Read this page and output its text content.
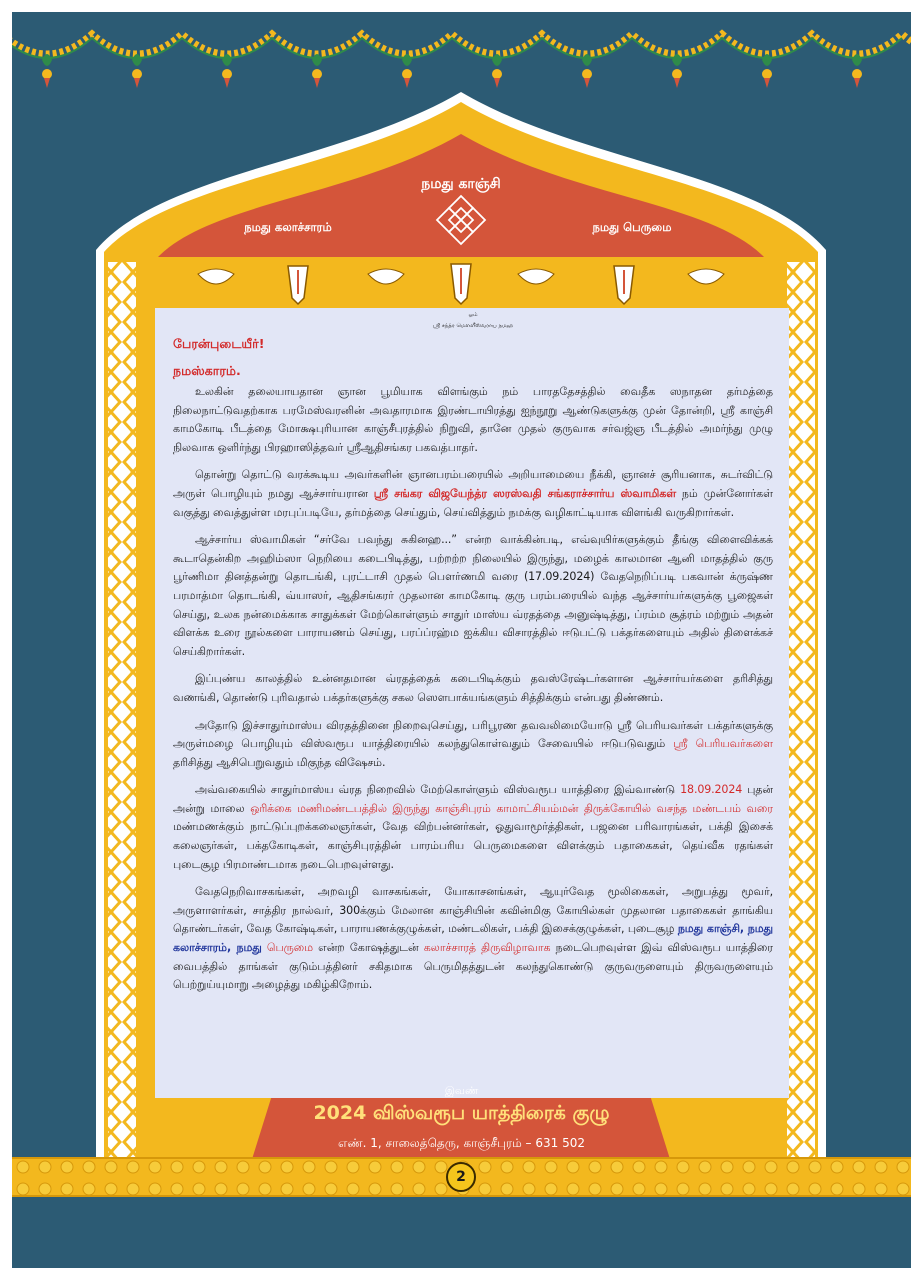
நமது காஞ்சி
நமது கலாச்சாரம்	நமது பெருமை
ஓம்
ஸ்ரீ சந்த்ர மௌளீஸ்வராய நமஹ
பேரன்புடையீர்!
நமஸ்காரம்.

உலகின் தலையாயதான ஞான பூமியாக விளங்கும் நம் பாரததேசத்தில் வைதீக ஸநாதன தர்மத்தை நிலைநாட்டுவதற்காக பரமேஸ்வரனின் அவதாரமாக இரண்டாயிரத்து ஐந்நூறு ஆண்டுகளுக்கு முன் தோன்றி, ஸ்ரீ காஞ்சி காமகோடி பீடத்தை மோக்ஷபுரியான காஞ்சீபுரத்தில் நிறுவி, தானே முதல் குருவாக சர்வஜ்ஞ பீடத்தில் அமர்ந்து முழு நிலவாக ஒளிர்ந்து பிரஹாஸித்தவர் ஸ்ரீஆதிசங்கர பகவத்பாதர்.

தொன்று தொட்டு வரக்கூடிய அவர்களின் ஞானபரம்பரையில் அறியாமையை நீக்கி, ஞானச் சூரியனாக, சுடர்விட்டு அருள் பொழியும் நமது ஆச்சார்யரான ஸ்ரீ சங்கர விஜயேந்த்ர ஸரஸ்வதி சங்கராச்சார்ய ஸ்வாமிகள் நம் முன்னோர்கள் வகுத்து வைத்துள்ள மரபுப்படியே, தர்மத்தை செய்தும், செய்வித்தும் நமக்கு வழிகாட்டியாக விளங்கி வருகிறார்கள்.

ஆச்சார்ய ஸ்வாமிகள் “சர்வே பவந்து சுகினஹ...” என்ற வாக்கின்படி, எவ்வுயிர்களுக்கும் தீங்கு விளைவிக்கக் கூடாதென்கிற அஹிம்ஸா நெறியை கடைபிடித்து, பற்றற்ற நிலையில் இருந்து, மழைக் காலமான ஆனி மாதத்தில் குரு பூர்ணிமா தினத்தன்று தொடங்கி, புரட்டாசி முதல் பௌர்ணமி வரை (17.09.2024) வேதநெறிப்படி பகவான் க்ருஷ்ண பரமாத்மா தொடங்கி, வ்யாஸர், ஆதிசங்கரர் முதலான காமகோடி குரு பரம்பரையில் வந்த ஆச்சார்யர்களுக்கு பூஜைகள் செய்து, உலக நன்மைக்காக சாதுக்கள் மேற்கொள்ளும் சாதுர் மாஸ்ய வ்ரதத்தை அனுஷ்டித்து, ப்ரம்ம சூத்ரம் மற்றும் அதன் விளக்க உரை நூல்களை பாராயணம் செய்து, பரப்ப்ரஹ்ம ஐக்கிய விசாரத்தில் ஈடுபட்டு பக்தர்களையும் அதில் திளைக்கச் செய்கிறார்கள்.

இப்புண்ய காலத்தில் உன்னதமான வ்ரதத்தைக் கடைபிடிக்கும் தவஸ்ரேஷ்டர்களான ஆச்சார்யர்களை தரிசித்து வணங்கி, தொண்டு புரிவதால் பக்தர்களுக்கு சகல ஸௌபாக்யங்களும் சித்திக்கும் என்பது திண்ணம்.

அதோடு இச்சாதுர்மாஸ்ய விரதத்தினை நிறைவுசெய்து, பரிபூரண தவவலிமையோடு ஸ்ரீ பெரியவர்கள் பக்தர்களுக்கு அருள்மழை பொழியும் விஸ்வரூப யாத்திரையில் கலந்துகொள்வதும் சேவையில் ஈடுபடுவதும் ஸ்ரீ பெரியவர்களை தரிசித்து ஆசிபெறுவதும் மிகுந்த விஷேசம்.

அவ்வகையில் சாதுர்மாஸ்ய வ்ரத நிறைவில் மேற்கொள்ளும் விஸ்வரூப யாத்திரை இவ்வாண்டு 18.09.2024 புதன் அன்று மாலை ஒரிக்கை மணிமண்டபத்தில் இருந்து காஞ்சிபுரம் காமாட்சியம்மன் திருக்கோயில் வசந்த மண்டபம் வரை மண்மணக்கும் நாட்டுப்புறக்கலைஞர்கள், வேத விற்பன்னர்கள், ஓதுவாமூர்த்திகள், பஜனை பரிவாரங்கள், பக்தி இசைக் கலைஞர்கள், பக்தகோடிகள், காஞ்சிபுரத்தின் பாரம்பரிய பெருமைகளை விளக்கும் பதாகைகள், தெய்வீக ரதங்கள் புடைசூழ பிரமாண்டமாக நடைபெறவுள்ளது.

வேதநெறிவாசகங்கள், அறவழி வாசகங்கள், யோகாசனங்கள், ஆயுர்வேத மூலிகைகள், அறுபத்து மூவர், அருளாளர்கள், சாத்திர நால்வர், 300க்கும் மேலான காஞ்சியின் கவின்மிகு கோயில்கள் முதலான பதாகைகள் தாங்கிய தொண்டர்கள், வேத கோஷ்டிகள், பாராயணக்குழுக்கள், மண்டலிகள், பக்தி இசைக்குழுக்கள், புடைசூழ நமது காஞ்சி, நமது கலாச்சாரம், நமது பெருமை என்ற கோஷத்துடன் கலாச்சாரத் திருவிழாவாக நடைபெறவுள்ள இவ் விஸ்வரூப யாத்திரை வைபத்தில் தாங்கள் குடும்பத்தினர் சகிதமாக பெருமிதத்துடன் கலந்துகொண்டு குருவருளையும் திருவருளையும் பெற்றுய்யுமாறு அழைத்து மகிழ்கிறோம்.

இவண்
2024 விஸ்வரூப யாத்திரைக் குழு
எண். 1, சாலைத்தெரு, காஞ்சீபுரம் – 631 502
2
